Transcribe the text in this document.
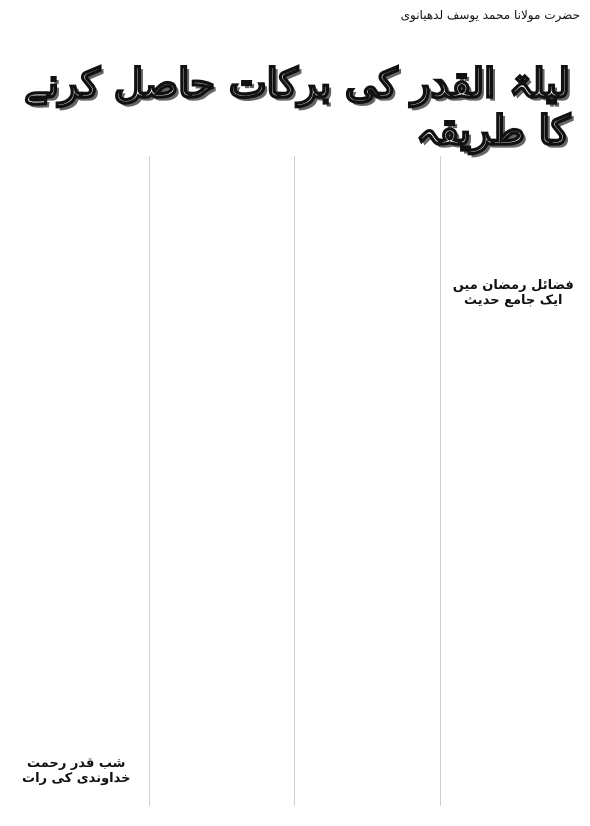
حضرت مولانا محمد یوسف لدھیانوی
لیلۃ القدر کی برکات حاصل کرنے کا طریقہ

فضائل رمضان میں ایک جامع حدیث

شب قدر رحمت خداوندی کی رات
